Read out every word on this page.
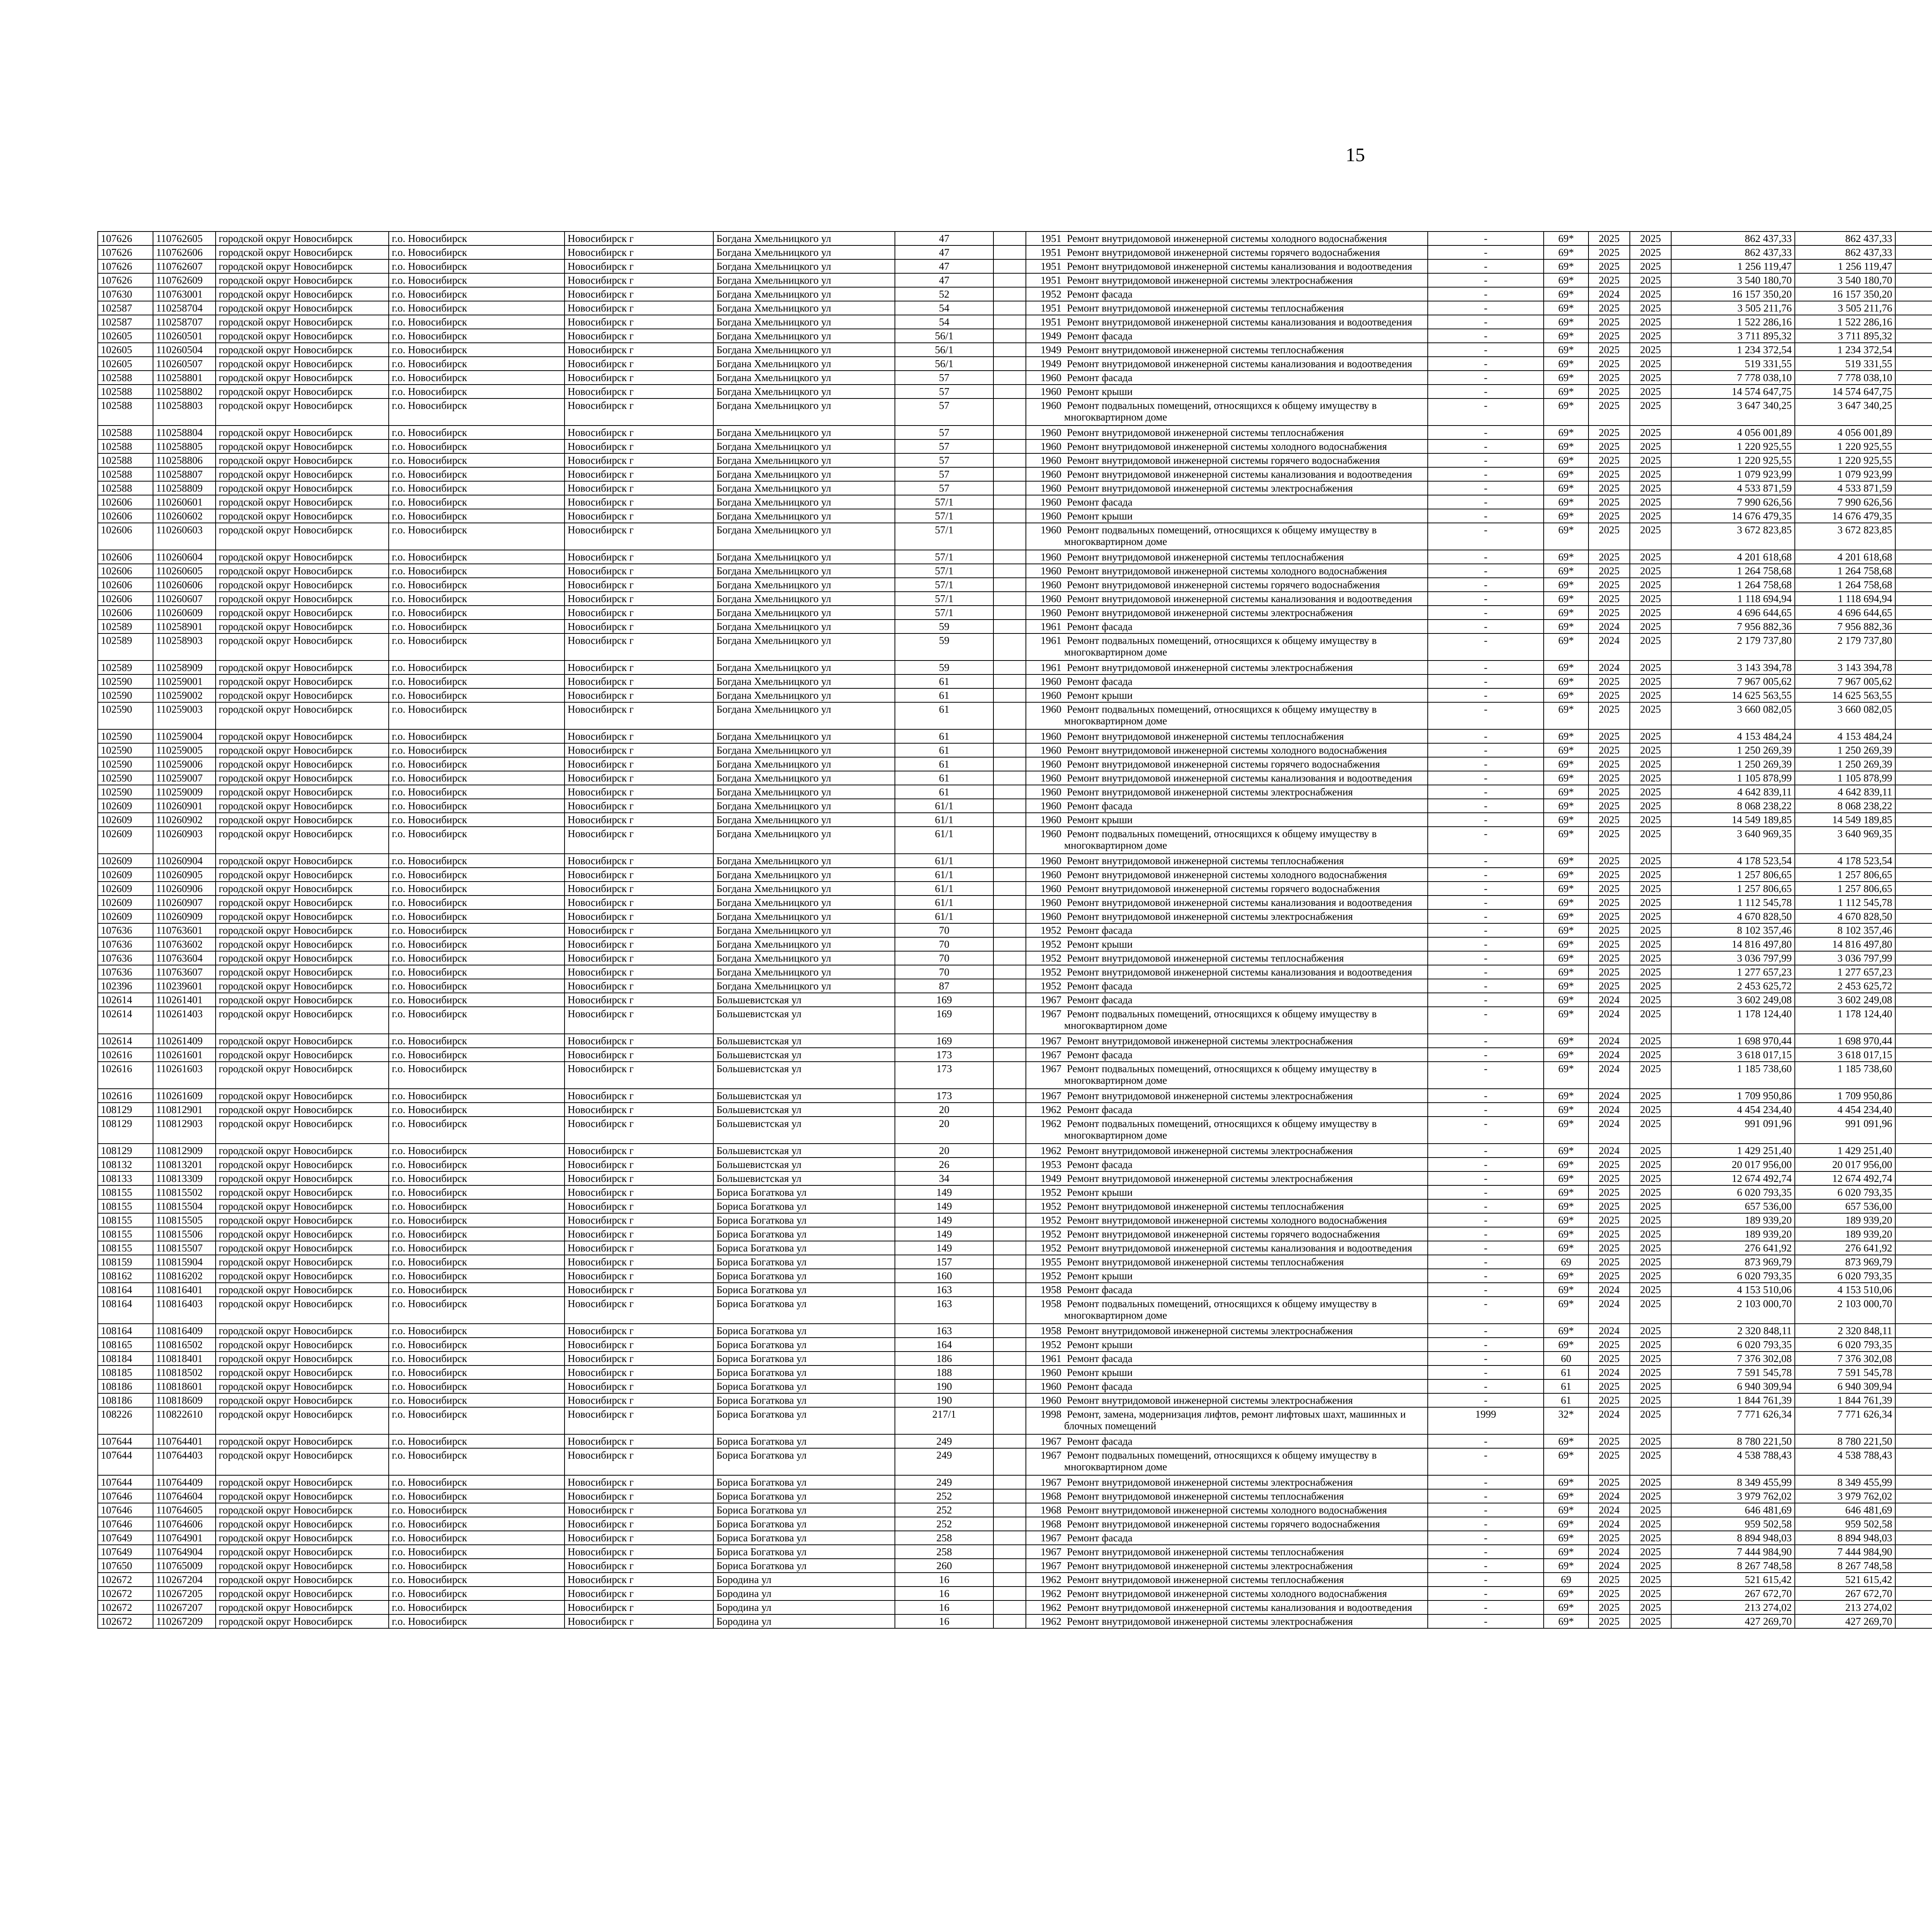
15
107626	110762605	городской округ Новосибирск	г.о. Новосибирск	Новосибирск г	Богдана Хмельницкого ул	47		1951 Ремонт внутридомовой инженерной системы холодного водоснабжения	-	69*	2025	2025	862 437,33	862 437,33					
107626	110762606	городской округ Новосибирск	г.о. Новосибирск	Новосибирск г	Богдана Хмельницкого ул	47		1951 Ремонт внутридомовой инженерной системы горячего водоснабжения	-	69*	2025	2025	862 437,33	862 437,33					
107626	110762607	городской округ Новосибирск	г.о. Новосибирск	Новосибирск г	Богдана Хмельницкого ул	47		1951 Ремонт внутридомовой инженерной системы канализования и водоотведения	-	69*	2025	2025	1 256 119,47	1 256 119,47					
107626	110762609	городской округ Новосибирск	г.о. Новосибирск	Новосибирск г	Богдана Хмельницкого ул	47		1951 Ремонт внутридомовой инженерной системы электроснабжения	-	69*	2025	2025	3 540 180,70	3 540 180,70					
107630	110763001	городской округ Новосибирск	г.о. Новосибирск	Новосибирск г	Богдана Хмельницкого ул	52		1952 Ремонт фасада	-	69*	2024	2025	16 157 350,20	16 157 350,20					
102587	110258704	городской округ Новосибирск	г.о. Новосибирск	Новосибирск г	Богдана Хмельницкого ул	54		1951 Ремонт внутридомовой инженерной системы теплоснабжения	-	69*	2025	2025	3 505 211,76	3 505 211,76					
102587	110258707	городской округ Новосибирск	г.о. Новосибирск	Новосибирск г	Богдана Хмельницкого ул	54		1951 Ремонт внутридомовой инженерной системы канализования и водоотведения	-	69*	2025	2025	1 522 286,16	1 522 286,16					
102605	110260501	городской округ Новосибирск	г.о. Новосибирск	Новосибирск г	Богдана Хмельницкого ул	56/1		1949 Ремонт фасада	-	69*	2025	2025	3 711 895,32	3 711 895,32					
102605	110260504	городской округ Новосибирск	г.о. Новосибирск	Новосибирск г	Богдана Хмельницкого ул	56/1		1949 Ремонт внутридомовой инженерной системы теплоснабжения	-	69*	2025	2025	1 234 372,54	1 234 372,54					
102605	110260507	городской округ Новосибирск	г.о. Новосибирск	Новосибирск г	Богдана Хмельницкого ул	56/1		1949 Ремонт внутридомовой инженерной системы канализования и водоотведения	-	69*	2025	2025	519 331,55	519 331,55					
102588	110258801	городской округ Новосибирск	г.о. Новосибирск	Новосибирск г	Богдана Хмельницкого ул	57		1960 Ремонт фасада	-	69*	2025	2025	7 778 038,10	7 778 038,10					
102588	110258802	городской округ Новосибирск	г.о. Новосибирск	Новосибирск г	Богдана Хмельницкого ул	57		1960 Ремонт крыши	-	69*	2025	2025	14 574 647,75	14 574 647,75					
102588	110258803	городской округ Новосибирск	г.о. Новосибирск	Новосибирск г	Богдана Хмельницкого ул	57		1960 Ремонт подвальных помещений, относящихся к общему имуществу в многоквартирном доме	-	69*	2025	2025	3 647 340,25	3 647 340,25					
102588	110258804	городской округ Новосибирск	г.о. Новосибирск	Новосибирск г	Богдана Хмельницкого ул	57		1960 Ремонт внутридомовой инженерной системы теплоснабжения	-	69*	2025	2025	4 056 001,89	4 056 001,89					
102588	110258805	городской округ Новосибирск	г.о. Новосибирск	Новосибирск г	Богдана Хмельницкого ул	57		1960 Ремонт внутридомовой инженерной системы холодного водоснабжения	-	69*	2025	2025	1 220 925,55	1 220 925,55					
102588	110258806	городской округ Новосибирск	г.о. Новосибирск	Новосибирск г	Богдана Хмельницкого ул	57		1960 Ремонт внутридомовой инженерной системы горячего водоснабжения	-	69*	2025	2025	1 220 925,55	1 220 925,55					
102588	110258807	городской округ Новосибирск	г.о. Новосибирск	Новосибирск г	Богдана Хмельницкого ул	57		1960 Ремонт внутридомовой инженерной системы канализования и водоотведения	-	69*	2025	2025	1 079 923,99	1 079 923,99					
102588	110258809	городской округ Новосибирск	г.о. Новосибирск	Новосибирск г	Богдана Хмельницкого ул	57		1960 Ремонт внутридомовой инженерной системы электроснабжения	-	69*	2025	2025	4 533 871,59	4 533 871,59					
102606	110260601	городской округ Новосибирск	г.о. Новосибирск	Новосибирск г	Богдана Хмельницкого ул	57/1		1960 Ремонт фасада	-	69*	2025	2025	7 990 626,56	7 990 626,56					
102606	110260602	городской округ Новосибирск	г.о. Новосибирск	Новосибирск г	Богдана Хмельницкого ул	57/1		1960 Ремонт крыши	-	69*	2025	2025	14 676 479,35	14 676 479,35					
102606	110260603	городской округ Новосибирск	г.о. Новосибирск	Новосибирск г	Богдана Хмельницкого ул	57/1		1960 Ремонт подвальных помещений, относящихся к общему имуществу в многоквартирном доме	-	69*	2025	2025	3 672 823,85	3 672 823,85					
102606	110260604	городской округ Новосибирск	г.о. Новосибирск	Новосибирск г	Богдана Хмельницкого ул	57/1		1960 Ремонт внутридомовой инженерной системы теплоснабжения	-	69*	2025	2025	4 201 618,68	4 201 618,68					
102606	110260605	городской округ Новосибирск	г.о. Новосибирск	Новосибирск г	Богдана Хмельницкого ул	57/1		1960 Ремонт внутридомовой инженерной системы холодного водоснабжения	-	69*	2025	2025	1 264 758,68	1 264 758,68					
102606	110260606	городской округ Новосибирск	г.о. Новосибирск	Новосибирск г	Богдана Хмельницкого ул	57/1		1960 Ремонт внутридомовой инженерной системы горячего водоснабжения	-	69*	2025	2025	1 264 758,68	1 264 758,68					
102606	110260607	городской округ Новосибирск	г.о. Новосибирск	Новосибирск г	Богдана Хмельницкого ул	57/1		1960 Ремонт внутридомовой инженерной системы канализования и водоотведения	-	69*	2025	2025	1 118 694,94	1 118 694,94					
102606	110260609	городской округ Новосибирск	г.о. Новосибирск	Новосибирск г	Богдана Хмельницкого ул	57/1		1960 Ремонт внутридомовой инженерной системы электроснабжения	-	69*	2025	2025	4 696 644,65	4 696 644,65					
102589	110258901	городской округ Новосибирск	г.о. Новосибирск	Новосибирск г	Богдана Хмельницкого ул	59		1961 Ремонт фасада	-	69*	2024	2025	7 956 882,36	7 956 882,36					
102589	110258903	городской округ Новосибирск	г.о. Новосибирск	Новосибирск г	Богдана Хмельницкого ул	59		1961 Ремонт подвальных помещений, относящихся к общему имуществу в многоквартирном доме	-	69*	2024	2025	2 179 737,80	2 179 737,80					
102589	110258909	городской округ Новосибирск	г.о. Новосибирск	Новосибирск г	Богдана Хмельницкого ул	59		1961 Ремонт внутридомовой инженерной системы электроснабжения	-	69*	2024	2025	3 143 394,78	3 143 394,78					
102590	110259001	городской округ Новосибирск	г.о. Новосибирск	Новосибирск г	Богдана Хмельницкого ул	61		1960 Ремонт фасада	-	69*	2025	2025	7 967 005,62	7 967 005,62					
102590	110259002	городской округ Новосибирск	г.о. Новосибирск	Новосибирск г	Богдана Хмельницкого ул	61		1960 Ремонт крыши	-	69*	2025	2025	14 625 563,55	14 625 563,55					
102590	110259003	городской округ Новосибирск	г.о. Новосибирск	Новосибирск г	Богдана Хмельницкого ул	61		1960 Ремонт подвальных помещений, относящихся к общему имуществу в многоквартирном доме	-	69*	2025	2025	3 660 082,05	3 660 082,05					
102590	110259004	городской округ Новосибирск	г.о. Новосибирск	Новосибирск г	Богдана Хмельницкого ул	61		1960 Ремонт внутридомовой инженерной системы теплоснабжения	-	69*	2025	2025	4 153 484,24	4 153 484,24					
102590	110259005	городской округ Новосибирск	г.о. Новосибирск	Новосибирск г	Богдана Хмельницкого ул	61		1960 Ремонт внутридомовой инженерной системы холодного водоснабжения	-	69*	2025	2025	1 250 269,39	1 250 269,39					
102590	110259006	городской округ Новосибирск	г.о. Новосибирск	Новосибирск г	Богдана Хмельницкого ул	61		1960 Ремонт внутридомовой инженерной системы горячего водоснабжения	-	69*	2025	2025	1 250 269,39	1 250 269,39					
102590	110259007	городской округ Новосибирск	г.о. Новосибирск	Новосибирск г	Богдана Хмельницкого ул	61		1960 Ремонт внутридомовой инженерной системы канализования и водоотведения	-	69*	2025	2025	1 105 878,99	1 105 878,99					
102590	110259009	городской округ Новосибирск	г.о. Новосибирск	Новосибирск г	Богдана Хмельницкого ул	61		1960 Ремонт внутридомовой инженерной системы электроснабжения	-	69*	2025	2025	4 642 839,11	4 642 839,11					
102609	110260901	городской округ Новосибирск	г.о. Новосибирск	Новосибирск г	Богдана Хмельницкого ул	61/1		1960 Ремонт фасада	-	69*	2025	2025	8 068 238,22	8 068 238,22					
102609	110260902	городской округ Новосибирск	г.о. Новосибирск	Новосибирск г	Богдана Хмельницкого ул	61/1		1960 Ремонт крыши	-	69*	2025	2025	14 549 189,85	14 549 189,85					
102609	110260903	городской округ Новосибирск	г.о. Новосибирск	Новосибирск г	Богдана Хмельницкого ул	61/1		1960 Ремонт подвальных помещений, относящихся к общему имуществу в многоквартирном доме	-	69*	2025	2025	3 640 969,35	3 640 969,35					
102609	110260904	городской округ Новосибирск	г.о. Новосибирск	Новосибирск г	Богдана Хмельницкого ул	61/1		1960 Ремонт внутридомовой инженерной системы теплоснабжения	-	69*	2025	2025	4 178 523,54	4 178 523,54					
102609	110260905	городской округ Новосибирск	г.о. Новосибирск	Новосибирск г	Богдана Хмельницкого ул	61/1		1960 Ремонт внутридомовой инженерной системы холодного водоснабжения	-	69*	2025	2025	1 257 806,65	1 257 806,65					
102609	110260906	городской округ Новосибирск	г.о. Новосибирск	Новосибирск г	Богдана Хмельницкого ул	61/1		1960 Ремонт внутридомовой инженерной системы горячего водоснабжения	-	69*	2025	2025	1 257 806,65	1 257 806,65					
102609	110260907	городской округ Новосибирск	г.о. Новосибирск	Новосибирск г	Богдана Хмельницкого ул	61/1		1960 Ремонт внутридомовой инженерной системы канализования и водоотведения	-	69*	2025	2025	1 112 545,78	1 112 545,78					
102609	110260909	городской округ Новосибирск	г.о. Новосибирск	Новосибирск г	Богдана Хмельницкого ул	61/1		1960 Ремонт внутридомовой инженерной системы электроснабжения	-	69*	2025	2025	4 670 828,50	4 670 828,50					
107636	110763601	городской округ Новосибирск	г.о. Новосибирск	Новосибирск г	Богдана Хмельницкого ул	70		1952 Ремонт фасада	-	69*	2025	2025	8 102 357,46	8 102 357,46					
107636	110763602	городской округ Новосибирск	г.о. Новосибирск	Новосибирск г	Богдана Хмельницкого ул	70		1952 Ремонт крыши	-	69*	2025	2025	14 816 497,80	14 816 497,80					
107636	110763604	городской округ Новосибирск	г.о. Новосибирск	Новосибирск г	Богдана Хмельницкого ул	70		1952 Ремонт внутридомовой инженерной системы теплоснабжения	-	69*	2025	2025	3 036 797,99	3 036 797,99					
107636	110763607	городской округ Новосибирск	г.о. Новосибирск	Новосибирск г	Богдана Хмельницкого ул	70		1952 Ремонт внутридомовой инженерной системы канализования и водоотведения	-	69*	2025	2025	1 277 657,23	1 277 657,23					
102396	110239601	городской округ Новосибирск	г.о. Новосибирск	Новосибирск г	Богдана Хмельницкого ул	87		1952 Ремонт фасада	-	69*	2025	2025	2 453 625,72	2 453 625,72					
102614	110261401	городской округ Новосибирск	г.о. Новосибирск	Новосибирск г	Большевистская ул	169		1967 Ремонт фасада	-	69*	2024	2025	3 602 249,08	3 602 249,08					
102614	110261403	городской округ Новосибирск	г.о. Новосибирск	Новосибирск г	Большевистская ул	169		1967 Ремонт подвальных помещений, относящихся к общему имуществу в многоквартирном доме	-	69*	2024	2025	1 178 124,40	1 178 124,40					
102614	110261409	городской округ Новосибирск	г.о. Новосибирск	Новосибирск г	Большевистская ул	169		1967 Ремонт внутридомовой инженерной системы электроснабжения	-	69*	2024	2025	1 698 970,44	1 698 970,44					
102616	110261601	городской округ Новосибирск	г.о. Новосибирск	Новосибирск г	Большевистская ул	173		1967 Ремонт фасада	-	69*	2024	2025	3 618 017,15	3 618 017,15					
102616	110261603	городской округ Новосибирск	г.о. Новосибирск	Новосибирск г	Большевистская ул	173		1967 Ремонт подвальных помещений, относящихся к общему имуществу в многоквартирном доме	-	69*	2024	2025	1 185 738,60	1 185 738,60					
102616	110261609	городской округ Новосибирск	г.о. Новосибирск	Новосибирск г	Большевистская ул	173		1967 Ремонт внутридомовой инженерной системы электроснабжения	-	69*	2024	2025	1 709 950,86	1 709 950,86					
108129	110812901	городской округ Новосибирск	г.о. Новосибирск	Новосибирск г	Большевистская ул	20		1962 Ремонт фасада	-	69*	2024	2025	4 454 234,40	4 454 234,40					
108129	110812903	городской округ Новосибирск	г.о. Новосибирск	Новосибирск г	Большевистская ул	20		1962 Ремонт подвальных помещений, относящихся к общему имуществу в многоквартирном доме	-	69*	2024	2025	991 091,96	991 091,96					
108129	110812909	городской округ Новосибирск	г.о. Новосибирск	Новосибирск г	Большевистская ул	20		1962 Ремонт внутридомовой инженерной системы электроснабжения	-	69*	2024	2025	1 429 251,40	1 429 251,40					
108132	110813201	городской округ Новосибирск	г.о. Новосибирск	Новосибирск г	Большевистская ул	26		1953 Ремонт фасада	-	69*	2025	2025	20 017 956,00	20 017 956,00					
108133	110813309	городской округ Новосибирск	г.о. Новосибирск	Новосибирск г	Большевистская ул	34		1949 Ремонт внутридомовой инженерной системы электроснабжения	-	69*	2025	2025	12 674 492,74	12 674 492,74					
108155	110815502	городской округ Новосибирск	г.о. Новосибирск	Новосибирск г	Бориса Богаткова ул	149		1952 Ремонт крыши	-	69*	2025	2025	6 020 793,35	6 020 793,35					
108155	110815504	городской округ Новосибирск	г.о. Новосибирск	Новосибирск г	Бориса Богаткова ул	149		1952 Ремонт внутридомовой инженерной системы теплоснабжения	-	69*	2025	2025	657 536,00	657 536,00					
108155	110815505	городской округ Новосибирск	г.о. Новосибирск	Новосибирск г	Бориса Богаткова ул	149		1952 Ремонт внутридомовой инженерной системы холодного водоснабжения	-	69*	2025	2025	189 939,20	189 939,20					
108155	110815506	городской округ Новосибирск	г.о. Новосибирск	Новосибирск г	Бориса Богаткова ул	149		1952 Ремонт внутридомовой инженерной системы горячего водоснабжения	-	69*	2025	2025	189 939,20	189 939,20					
108155	110815507	городской округ Новосибирск	г.о. Новосибирск	Новосибирск г	Бориса Богаткова ул	149		1952 Ремонт внутридомовой инженерной системы канализования и водоотведения	-	69*	2025	2025	276 641,92	276 641,92					
108159	110815904	городской округ Новосибирск	г.о. Новосибирск	Новосибирск г	Бориса Богаткова ул	157		1955 Ремонт внутридомовой инженерной системы теплоснабжения	-	69	2025	2025	873 969,79	873 969,79					
108162	110816202	городской округ Новосибирск	г.о. Новосибирск	Новосибирск г	Бориса Богаткова ул	160		1952 Ремонт крыши	-	69*	2025	2025	6 020 793,35	6 020 793,35					
108164	110816401	городской округ Новосибирск	г.о. Новосибирск	Новосибирск г	Бориса Богаткова ул	163		1958 Ремонт фасада	-	69*	2024	2025	4 153 510,06	4 153 510,06					
108164	110816403	городской округ Новосибирск	г.о. Новосибирск	Новосибирск г	Бориса Богаткова ул	163		1958 Ремонт подвальных помещений, относящихся к общему имуществу в многоквартирном доме	-	69*	2024	2025	2 103 000,70	2 103 000,70					
108164	110816409	городской округ Новосибирск	г.о. Новосибирск	Новосибирск г	Бориса Богаткова ул	163		1958 Ремонт внутридомовой инженерной системы электроснабжения	-	69*	2024	2025	2 320 848,11	2 320 848,11					
108165	110816502	городской округ Новосибирск	г.о. Новосибирск	Новосибирск г	Бориса Богаткова ул	164		1952 Ремонт крыши	-	69*	2025	2025	6 020 793,35	6 020 793,35					
108184	110818401	городской округ Новосибирск	г.о. Новосибирск	Новосибирск г	Бориса Богаткова ул	186		1961 Ремонт фасада	-	60	2025	2025	7 376 302,08	7 376 302,08					
108185	110818502	городской округ Новосибирск	г.о. Новосибирск	Новосибирск г	Бориса Богаткова ул	188		1960 Ремонт крыши	-	61	2024	2025	7 591 545,78	7 591 545,78					
108186	110818601	городской округ Новосибирск	г.о. Новосибирск	Новосибирск г	Бориса Богаткова ул	190		1960 Ремонт фасада	-	61	2025	2025	6 940 309,94	6 940 309,94					
108186	110818609	городской округ Новосибирск	г.о. Новосибирск	Новосибирск г	Бориса Богаткова ул	190		1960 Ремонт внутридомовой инженерной системы электроснабжения	-	61	2025	2025	1 844 761,39	1 844 761,39					
108226	110822610	городской округ Новосибирск	г.о. Новосибирск	Новосибирск г	Бориса Богаткова ул	217/1		1998 Ремонт, замена, модернизация лифтов, ремонт лифтовых шахт, машинных и блочных помещений	1999	32*	2024	2025	7 771 626,34	7 771 626,34					
107644	110764401	городской округ Новосибирск	г.о. Новосибирск	Новосибирск г	Бориса Богаткова ул	249		1967 Ремонт фасада	-	69*	2025	2025	8 780 221,50	8 780 221,50					
107644	110764403	городской округ Новосибирск	г.о. Новосибирск	Новосибирск г	Бориса Богаткова ул	249		1967 Ремонт подвальных помещений, относящихся к общему имуществу в многоквартирном доме	-	69*	2025	2025	4 538 788,43	4 538 788,43					
107644	110764409	городской округ Новосибирск	г.о. Новосибирск	Новосибирск г	Бориса Богаткова ул	249		1967 Ремонт внутридомовой инженерной системы электроснабжения	-	69*	2025	2025	8 349 455,99	8 349 455,99					
107646	110764604	городской округ Новосибирск	г.о. Новосибирск	Новосибирск г	Бориса Богаткова ул	252		1968 Ремонт внутридомовой инженерной системы теплоснабжения	-	69*	2024	2025	3 979 762,02	3 979 762,02					
107646	110764605	городской округ Новосибирск	г.о. Новосибирск	Новосибирск г	Бориса Богаткова ул	252		1968 Ремонт внутридомовой инженерной системы холодного водоснабжения	-	69*	2024	2025	646 481,69	646 481,69					
107646	110764606	городской округ Новосибирск	г.о. Новосибирск	Новосибирск г	Бориса Богаткова ул	252		1968 Ремонт внутридомовой инженерной системы горячего водоснабжения	-	69*	2024	2025	959 502,58	959 502,58					
107649	110764901	городской округ Новосибирск	г.о. Новосибирск	Новосибирск г	Бориса Богаткова ул	258		1967 Ремонт фасада	-	69*	2025	2025	8 894 948,03	8 894 948,03					
107649	110764904	городской округ Новосибирск	г.о. Новосибирск	Новосибирск г	Бориса Богаткова ул	258		1967 Ремонт внутридомовой инженерной системы теплоснабжения	-	69*	2024	2025	7 444 984,90	7 444 984,90					
107650	110765009	городской округ Новосибирск	г.о. Новосибирск	Новосибирск г	Бориса Богаткова ул	260		1967 Ремонт внутридомовой инженерной системы электроснабжения	-	69*	2024	2025	8 267 748,58	8 267 748,58					
102672	110267204	городской округ Новосибирск	г.о. Новосибирск	Новосибирск г	Бородина ул	16		1962 Ремонт внутридомовой инженерной системы теплоснабжения	-	69	2025	2025	521 615,42	521 615,42					
102672	110267205	городской округ Новосибирск	г.о. Новосибирск	Новосибирск г	Бородина ул	16		1962 Ремонт внутридомовой инженерной системы холодного водоснабжения	-	69*	2025	2025	267 672,70	267 672,70					
102672	110267207	городской округ Новосибирск	г.о. Новосибирск	Новосибирск г	Бородина ул	16		1962 Ремонт внутридомовой инженерной системы канализования и водоотведения	-	69*	2025	2025	213 274,02	213 274,02					
102672	110267209	городской округ Новосибирск	г.о. Новосибирск	Новосибирск г	Бородина ул	16		1962 Ремонт внутридомовой инженерной системы электроснабжения	-	69*	2025	2025	427 269,70	427 269,70					
